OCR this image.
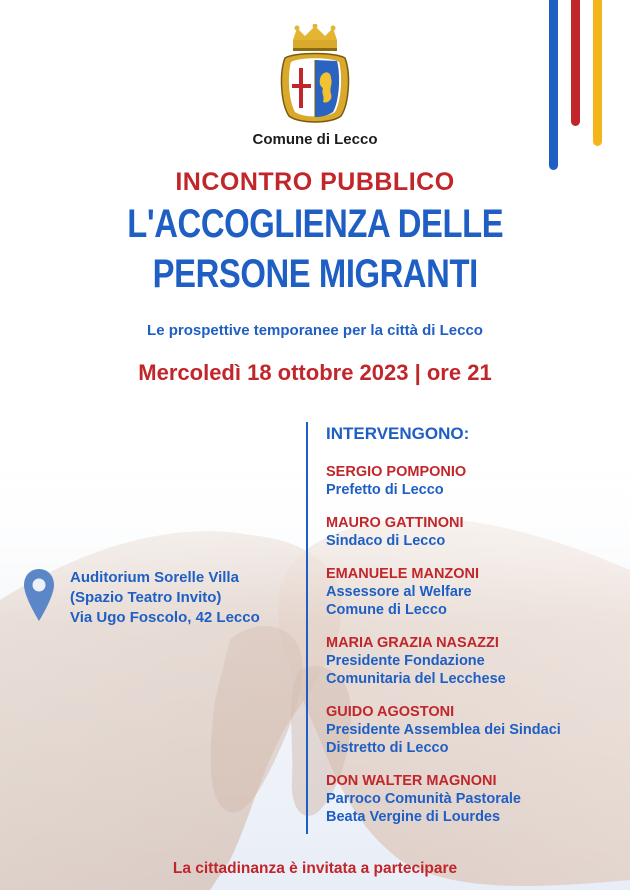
Comune di Lecco
INCONTRO PUBBLICO
L'ACCOGLIENZA DELLE
PERSONE MIGRANTI
Le prospettive temporanee per la città di Lecco
Mercoledì 18 ottobre 2023 | ore 21
Auditorium Sorelle Villa
(Spazio Teatro Invito)
Via Ugo Foscolo, 42 Lecco
INTERVENGONO:
SERGIO POMPONIO
Prefetto di Lecco
MAURO GATTINONI
Sindaco di Lecco
EMANUELE MANZONI
Assessore al Welfare
Comune di Lecco
MARIA GRAZIA NASAZZI
Presidente Fondazione
Comunitaria del Lecchese
GUIDO AGOSTONI
Presidente Assemblea dei Sindaci
Distretto di Lecco
DON WALTER MAGNONI
Parroco Comunità Pastorale
Beata Vergine di Lourdes
La cittadinanza è invitata a partecipare
